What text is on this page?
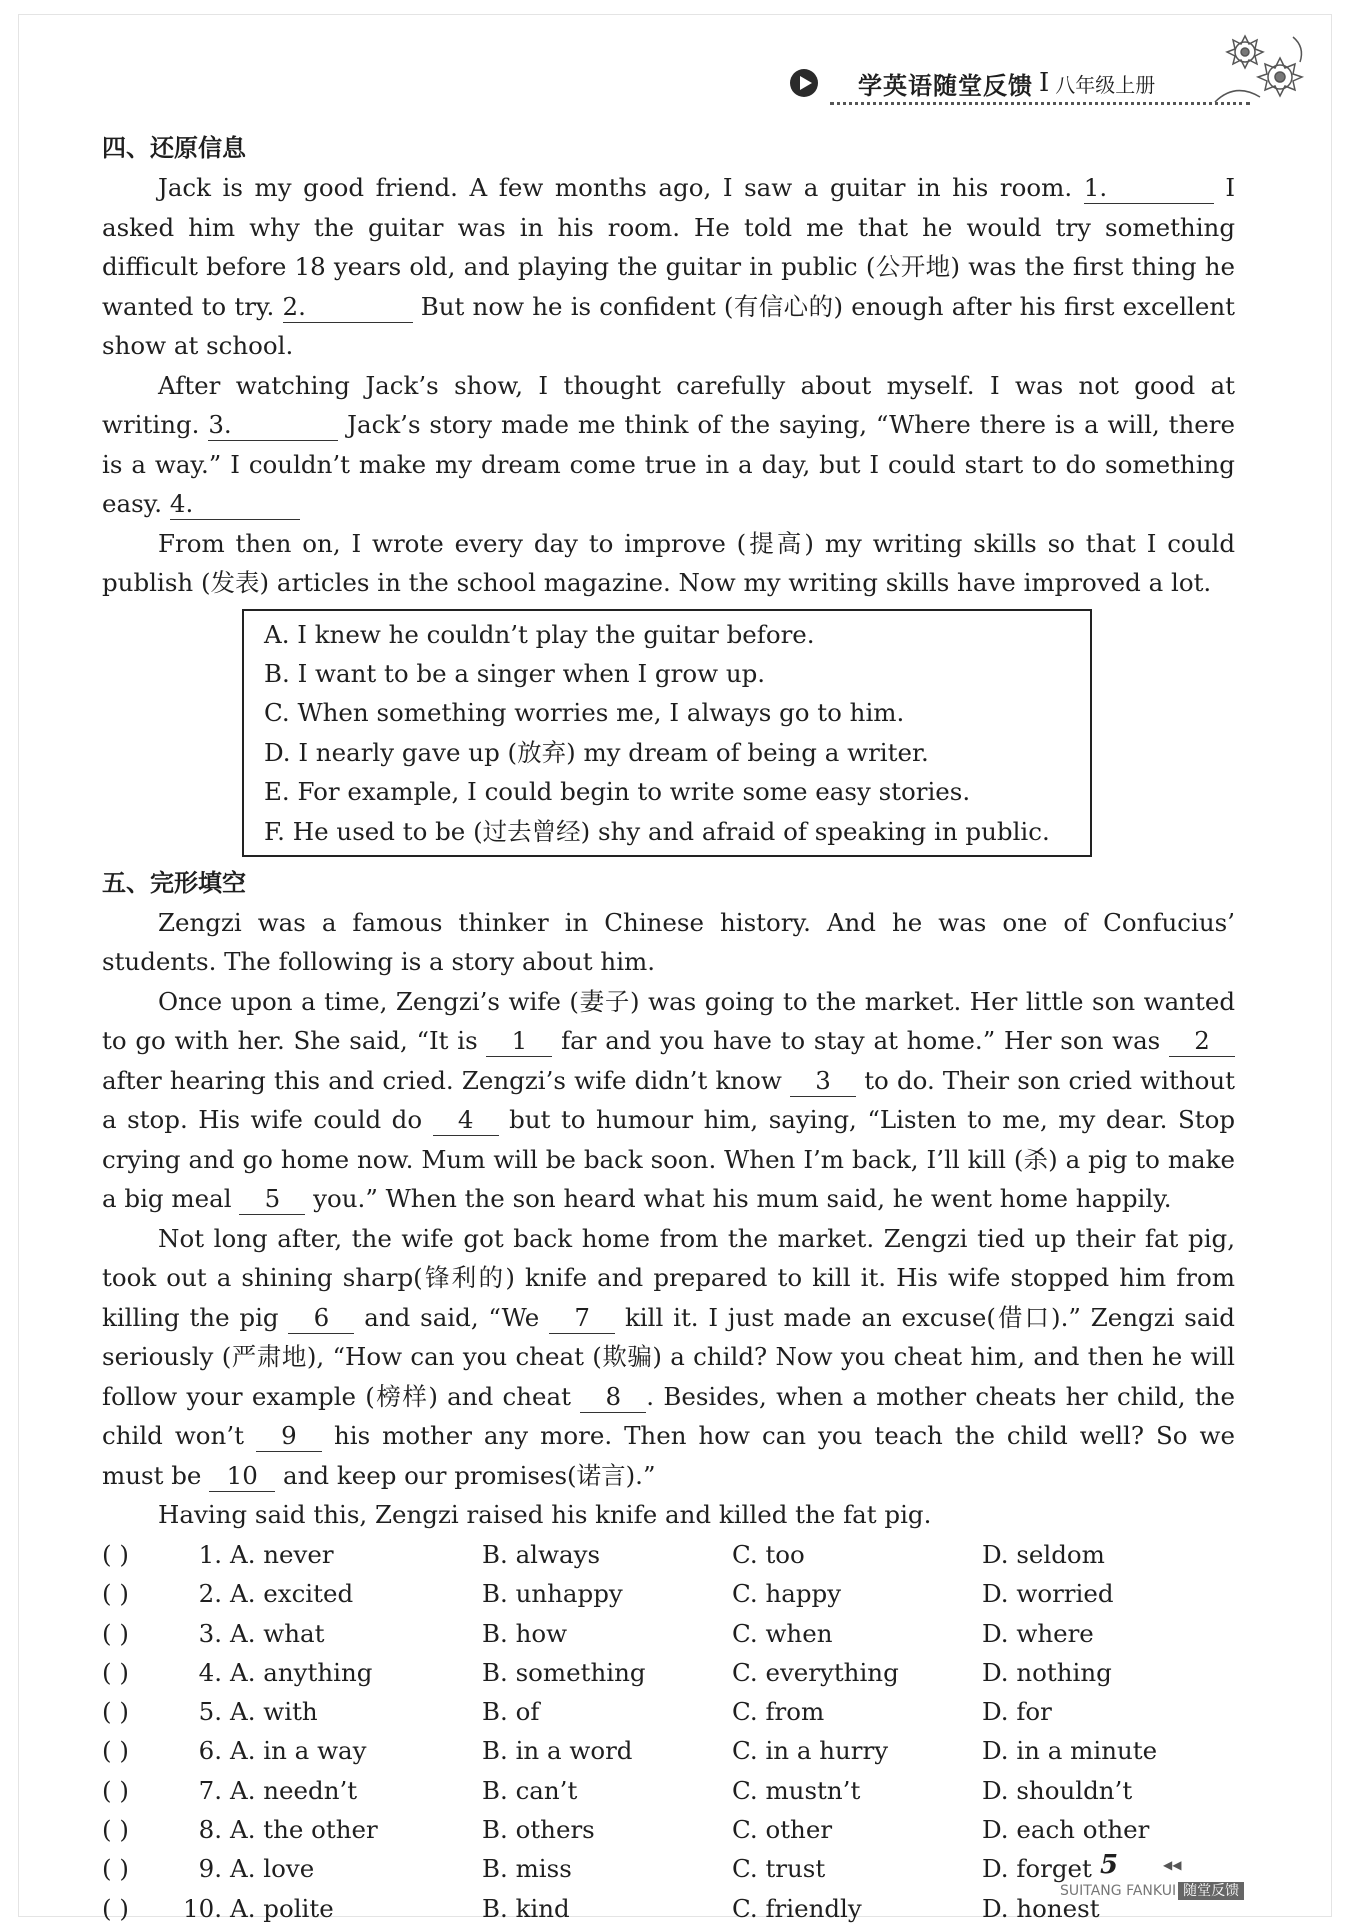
学英语随堂反馈 Ⅰ 八年级上册
四、还原信息

Jack is my good friend. A few months ago, I saw a guitar in his room. 1.	I asked him why the guitar was in his room. He told me that he would try something difficult before 18 years old, and playing the guitar in public (公开地) was the first thing he wanted to try. 2.	But now he is confident (有信心的) enough after his first excellent show at school.

After watching Jack’s show, I thought carefully about myself. I was not good at writing. 3.	Jack’s story made me think of the saying, “Where there is a will, there is a way.” I couldn’t make my dream come true in a day, but I could start to do something easy. 4.

From then on, I wrote every day to improve (提高) my writing skills so that I could publish (发表) articles in the school magazine. Now my writing skills have improved a lot.

A. I knew he couldn’t play the guitar before.
B. I want to be a singer when I grow up.
C. When something worries me, I always go to him.
D. I nearly gave up (放弃) my dream of being a writer.
E. For example, I could begin to write some easy stories.
F. He used to be (过去曾经) shy and afraid of speaking in public.
五、完形填空

Zengzi was a famous thinker in Chinese history. And he was one of Confucius’ students. The following is a story about him.

Once upon a time, Zengzi’s wife (妻子) was going to the market. Her little son wanted to go with her. She said, “It is 1 far and you have to stay at home.” Her son was 2 after hearing this and cried. Zengzi’s wife didn’t know 3 to do. Their son cried without a stop. His wife could do 4 but to humour him, saying, “Listen to me, my dear. Stop crying and go home now. Mum will be back soon. When I’m back, I’ll kill (杀) a pig to make a big meal 5 you.” When the son heard what his mum said, he went home happily.

Not long after, the wife got back home from the market. Zengzi tied up their fat pig, took out a shining sharp(锋利的) knife and prepared to kill it. His wife stopped him from killing the pig 6 and said, “We 7 kill it. I just made an excuse(借口).” Zengzi said seriously (严肃地), “How can you cheat (欺骗) a child? Now you cheat him, and then he will follow your example (榜样) and cheat 8 . Besides, when a mother cheats her child, the child won’t 9 his mother any more. Then how can you teach the child well? So we must be 10 and keep our promises(诺言).”

Having said this, Zengzi raised his knife and killed the fat pig.

( )	1. A. never	B. always	C. too	D. seldom
( )	2. A. excited	B. unhappy	C. happy	D. worried
( )	3. A. what	B. how	C. when	D. where
( )	4. A. anything	B. something	C. everything	D. nothing
( )	5. A. with	B. of	C. from	D. for
( )	6. A. in a way	B. in a word	C. in a hurry	D. in a minute
( )	7. A. needn’t	B. can’t	C. mustn’t	D. shouldn’t
( )	8. A. the other	B. others	C. other	D. each other
( )	9. A. love	B. miss	C. trust	D. forget
( )	10. A. polite	B. kind	C. friendly	D. honest
5	◀◀
SUITANG FANKUI 随堂反馈
